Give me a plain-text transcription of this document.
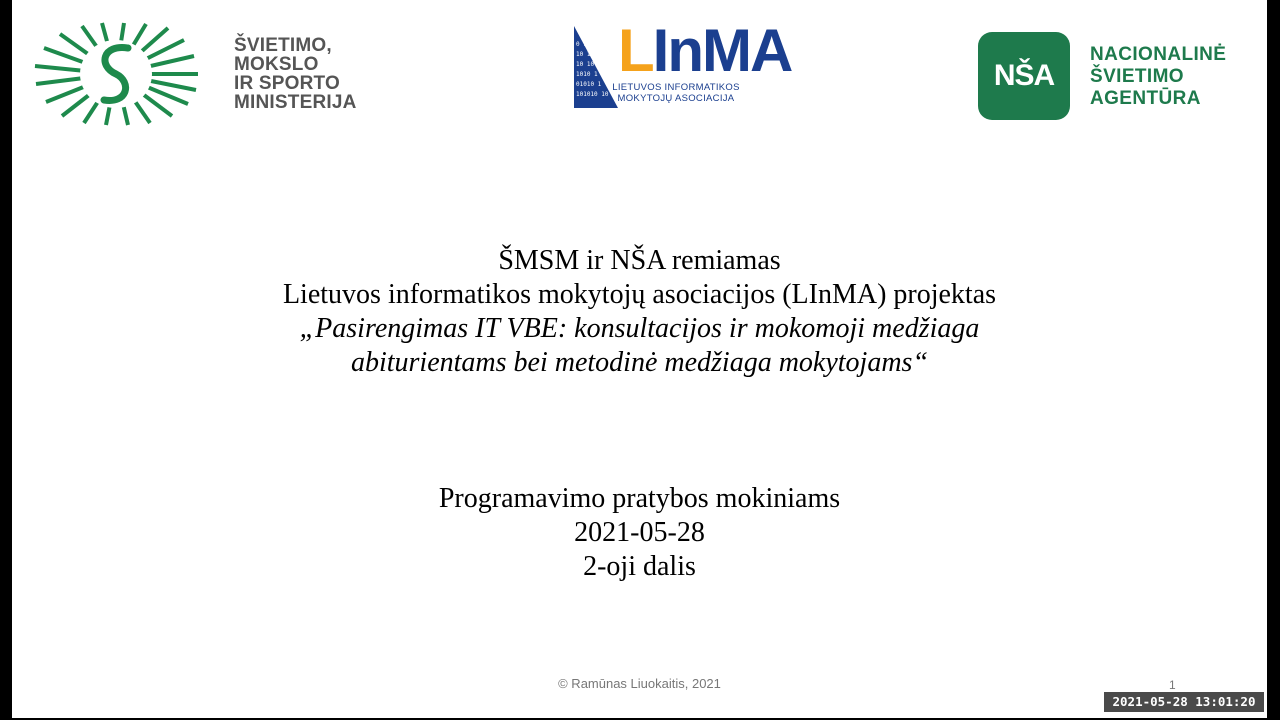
ŠVIETIMO,
MOKSLO
IR SPORTO
MINISTERIJA
0 1
10 1
10 10
1010 1
01010 1
101010 10
LInMA
LIETUVOS INFORMATIKOS
MOKYTOJŲ ASOCIACIJA
NŠA
NACIONALINĖ
ŠVIETIMO
AGENTŪRA
ŠMSM ir NŠA remiamas
Lietuvos informatikos mokytojų asociacijos (LInMA) projektas
„Pasirengimas IT VBE: konsultacijos ir mokomoji medžiaga
abiturientams bei metodinė medžiaga mokytojams“
Programavimo pratybos mokiniams
2021-05-28
2-oji dalis
© Ramūnas Liuokaitis, 2021	1
2021-05-28 13:01:20
